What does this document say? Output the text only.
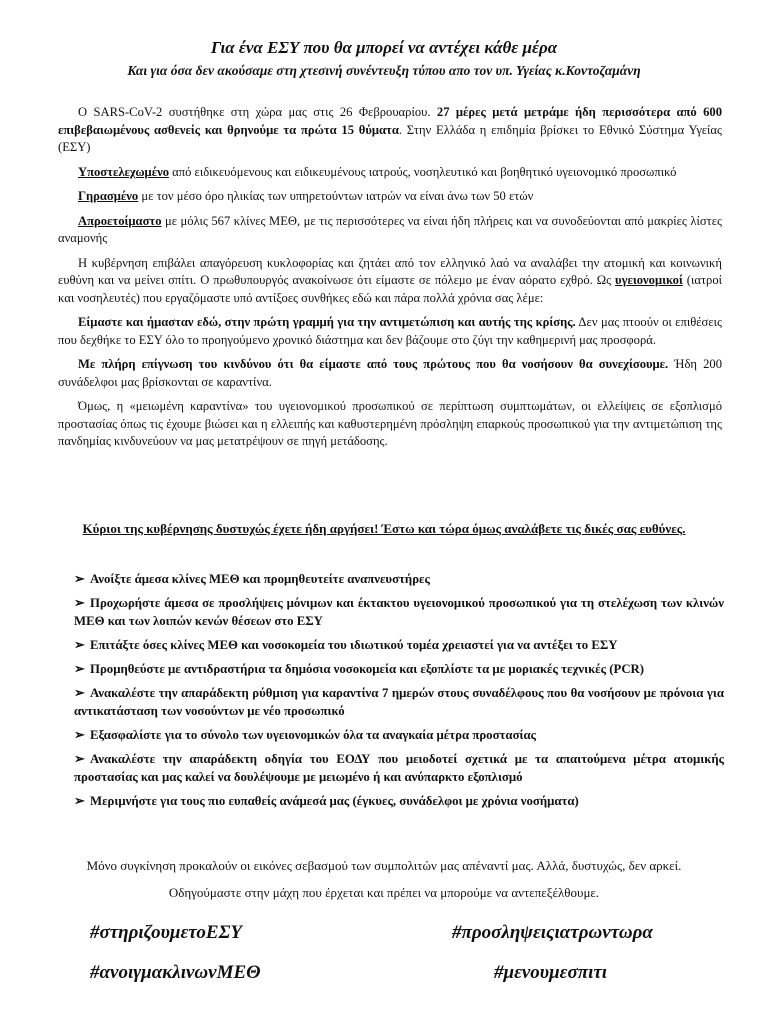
Για ένα ΕΣΥ που θα μπορεί να αντέχει κάθε μέρα
Και για όσα δεν ακούσαμε στη χτεσινή συνέντευξη τύπου απο τον υπ. Υγείας κ.Κοντοζαμάνη

Ο SARS-CoV-2 συστήθηκε στη χώρα μας στις 26 Φεβρουαρίου. 27 μέρες μετά μετράμε ήδη περισσότερα από 600 επιβεβαιωμένους ασθενείς και θρηνούμε τα πρώτα 15 θύματα. Στην Ελλάδα η επιδημία βρίσκει το Εθνικό Σύστημα Υγείας (ΕΣΥ)

Υποστελεχωμένο από ειδικευόμενους και ειδικευμένους ιατρούς, νοσηλευτικό και βοηθητικό υγειονομικό προσωπικό

Γηρασμένο με τον μέσο όρο ηλικίας των υπηρετούντων ιατρών να είναι άνω των 50 ετών

Απροετοίμαστο με μόλις 567 κλίνες ΜΕΘ, με τις περισσότερες να είναι ήδη πλήρεις και να συνοδεύονται από μακρίες λίστες αναμονής

Η κυβέρνηση επιβάλει απαγόρευση κυκλοφορίας και ζητάει από τον ελληνικό λαό να αναλάβει την ατομική και κοινωνική ευθύνη και να μείνει σπίτι. Ο πρωθυπουργός ανακοίνωσε ότι είμαστε σε πόλεμο με έναν αόρατο εχθρό. Ως υγειονομικοί (ιατροί και νοσηλευτές) που εργαζόμαστε υπό αντίξοες συνθήκες εδώ και πάρα πολλά χρόνια σας λέμε:

Είμαστε και ήμασταν εδώ, στην πρώτη γραμμή για την αντιμετώπιση και αυτής της κρίσης. Δεν μας πτοούν οι επιθέσεις που δεχθήκε το ΕΣΥ όλο το προηγούμενο χρονικό διάστημα και δεν βάζουμε στο ζύγι την καθημερινή μας προσφορά.

Με πλήρη επίγνωση του κινδύνου ότι θα είμαστε από τους πρώτους που θα νοσήσουν θα συνεχίσουμε. Ήδη 200 συνάδελφοι μας βρίσκονται σε καραντίνα.

Όμως, η «μειωμένη καραντίνα» του υγειονομικού προσωπικού σε περίπτωση συμπτωμάτων, οι ελλείψεις σε εξοπλισμό προστασίας όπως τις έχουμε βιώσει και η ελλειπής και καθυστερημένη πρόσληψη επαρκούς προσωπικού για την αντιμετώπιση της πανδημίας κινδυνεύουν να μας μετατρέψουν σε πηγή μετάδοσης.

Κύριοι της κυβέρνησης δυστυχώς έχετε ήδη αργήσει! Έστω και τώρα όμως αναλάβετε τις δικές σας ευθύνες.
➢ Ανοίξτε άμεσα κλίνες ΜΕΘ και προμηθευτείτε αναπνευστήρες
➢ Προχωρήστε άμεσα σε προσλήψεις μόνιμων και έκτακτου υγειονομικού προσωπικού για τη στελέχωση των κλινών ΜΕΘ και των λοιπών κενών θέσεων στο ΕΣΥ
➢ Επιτάξτε όσες κλίνες ΜΕΘ και νοσοκομεία του ιδιωτικού τομέα χρειαστεί για να αντέξει το ΕΣΥ
➢ Προμηθεύστε με αντιδραστήρια τα δημόσια νοσοκομεία και εξοπλίστε τα με μοριακές τεχνικές (PCR)
➢ Ανακαλέστε την απαράδεκτη ρύθμιση για καραντίνα 7 ημερών στους συναδέλφους που θα νοσήσουν με πρόνοια για αντικατάσταση των νοσούντων με νέο προσωπικό
➢ Εξασφαλίστε για το σύνολο των υγειονομικών όλα τα αναγκαία μέτρα προστασίας
➢ Ανακαλέστε την απαράδεκτη οδηγία του ΕΟΔΥ που μειοδοτεί σχετικά με τα απαιτούμενα μέτρα ατομικής προστασίας και μας καλεί να δουλέψουμε με μειωμένο ή και ανύπαρκτο εξοπλισμό
➢ Μεριμνήστε για τους πιο ευπαθείς ανάμεσά μας (έγκυες, συνάδελφοι με χρόνια νοσήματα)

Μόνο συγκίνηση προκαλούν οι εικόνες σεβασμού των συμπολιτών μας απέναντί μας. Αλλά, δυστυχώς, δεν αρκεί.

Οδηγούμαστε στην μάχη που έρχεται και πρέπει να μπορούμε να αντεπεξέλθουμε.

#στηριζουμετοΕΣΥ	#προσληψειςιατρωντωρα
#ανοιγμακλινωνΜΕΘ	#μενουμεσπιτι
